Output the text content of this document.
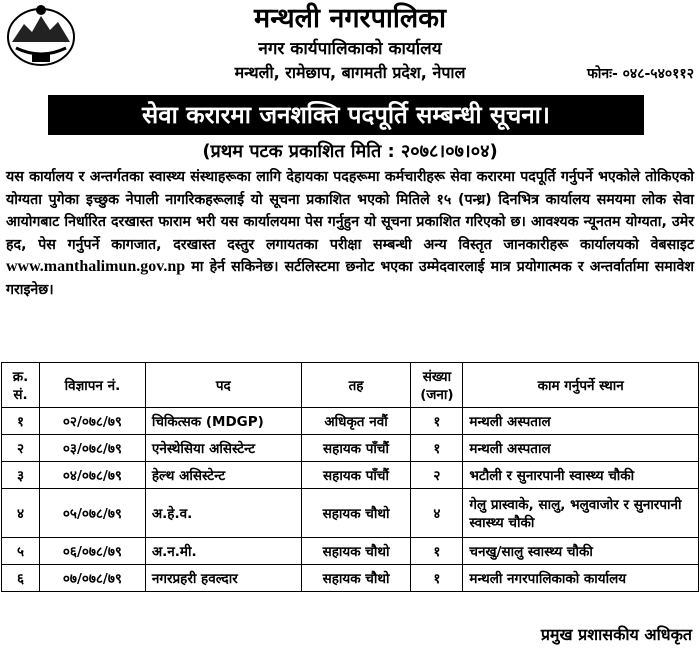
मन्थली नगरपालिका
नगर कार्यपालिकाको कार्यालय
मन्थली, रामेछाप, बागमती प्रदेश, नेपाल	फोनः- ०४८-५४०११२
सेवा करारमा जनशक्ति पदपूर्ति सम्बन्धी सूचना।
(प्रथम पटक प्रकाशित मिति : २०७८।०७।०४)
यस कार्यालय र अन्तर्गतका स्वास्थ्य संस्थाहरूका लागि देहायका पदहरूमा कर्मचारीहरू सेवा करारमा पदपूर्ति गर्नुपर्ने भएकोले तोकिएको योग्यता पुगेका इच्छुक नेपाली नागरिकहरूलाई यो सूचना प्रकाशित भएको मितिले १५ (पन्ध्र) दिनभित्र कार्यालय समयमा लोक सेवा आयोगबाट निर्धारित दरखास्त फाराम भरी यस कार्यालयमा पेस गर्नुहुन यो सूचना प्रकाशित गरिएको छ। आवश्यक न्यूनतम योग्यता, उमेर हद, पेस गर्नुपर्ने कागजात, दरखास्त दस्तुर लगायतका परीक्षा सम्बन्धी अन्य विस्तृत जानकारीहरू कार्यालयको वेबसाइट www.manthalimun.gov.np मा हेर्न सकिनेछ। सर्टलिस्टमा छनोट भएका उम्मेदवारलाई मात्र प्रयोगात्मक र अन्तर्वार्तामा समावेश गराइनेछ।
क्र. सं.	विज्ञापन नं.	पद	तह	संख्या (जना)	काम गर्नुपर्ने स्थान
१	०२/०७८/७९	चिकित्सक (MDGP)	अधिकृत नवौं	१	मन्थली अस्पताल
२	०३/०७८/७९	एनेस्थेसिया असिस्टेन्ट	सहायक पाँचौं	१	मन्थली अस्पताल
३	०४/०७८/७९	हेल्थ असिस्टेन्ट	सहायक पाँचौं	२	भटौली र सुनारपानी स्वास्थ्य चौकी
४	०५/०७८/७९	अ.हे.व.	सहायक चौथो	४	गेलु प्रास्वाके, सालु, भलुवाजोर र सुनारपानी स्वास्थ्य चौकी
५	०६/०७८/७९	अ.न.मी.	सहायक चौथो	१	चनखु/सालु स्वास्थ्य चौकी
६	०७/०७८/७९	नगरप्रहरी हवल्दार	सहायक चौथो	१	मन्थली नगरपालिकाको कार्यालय
प्रमुख प्रशासकीय अधिकृत
